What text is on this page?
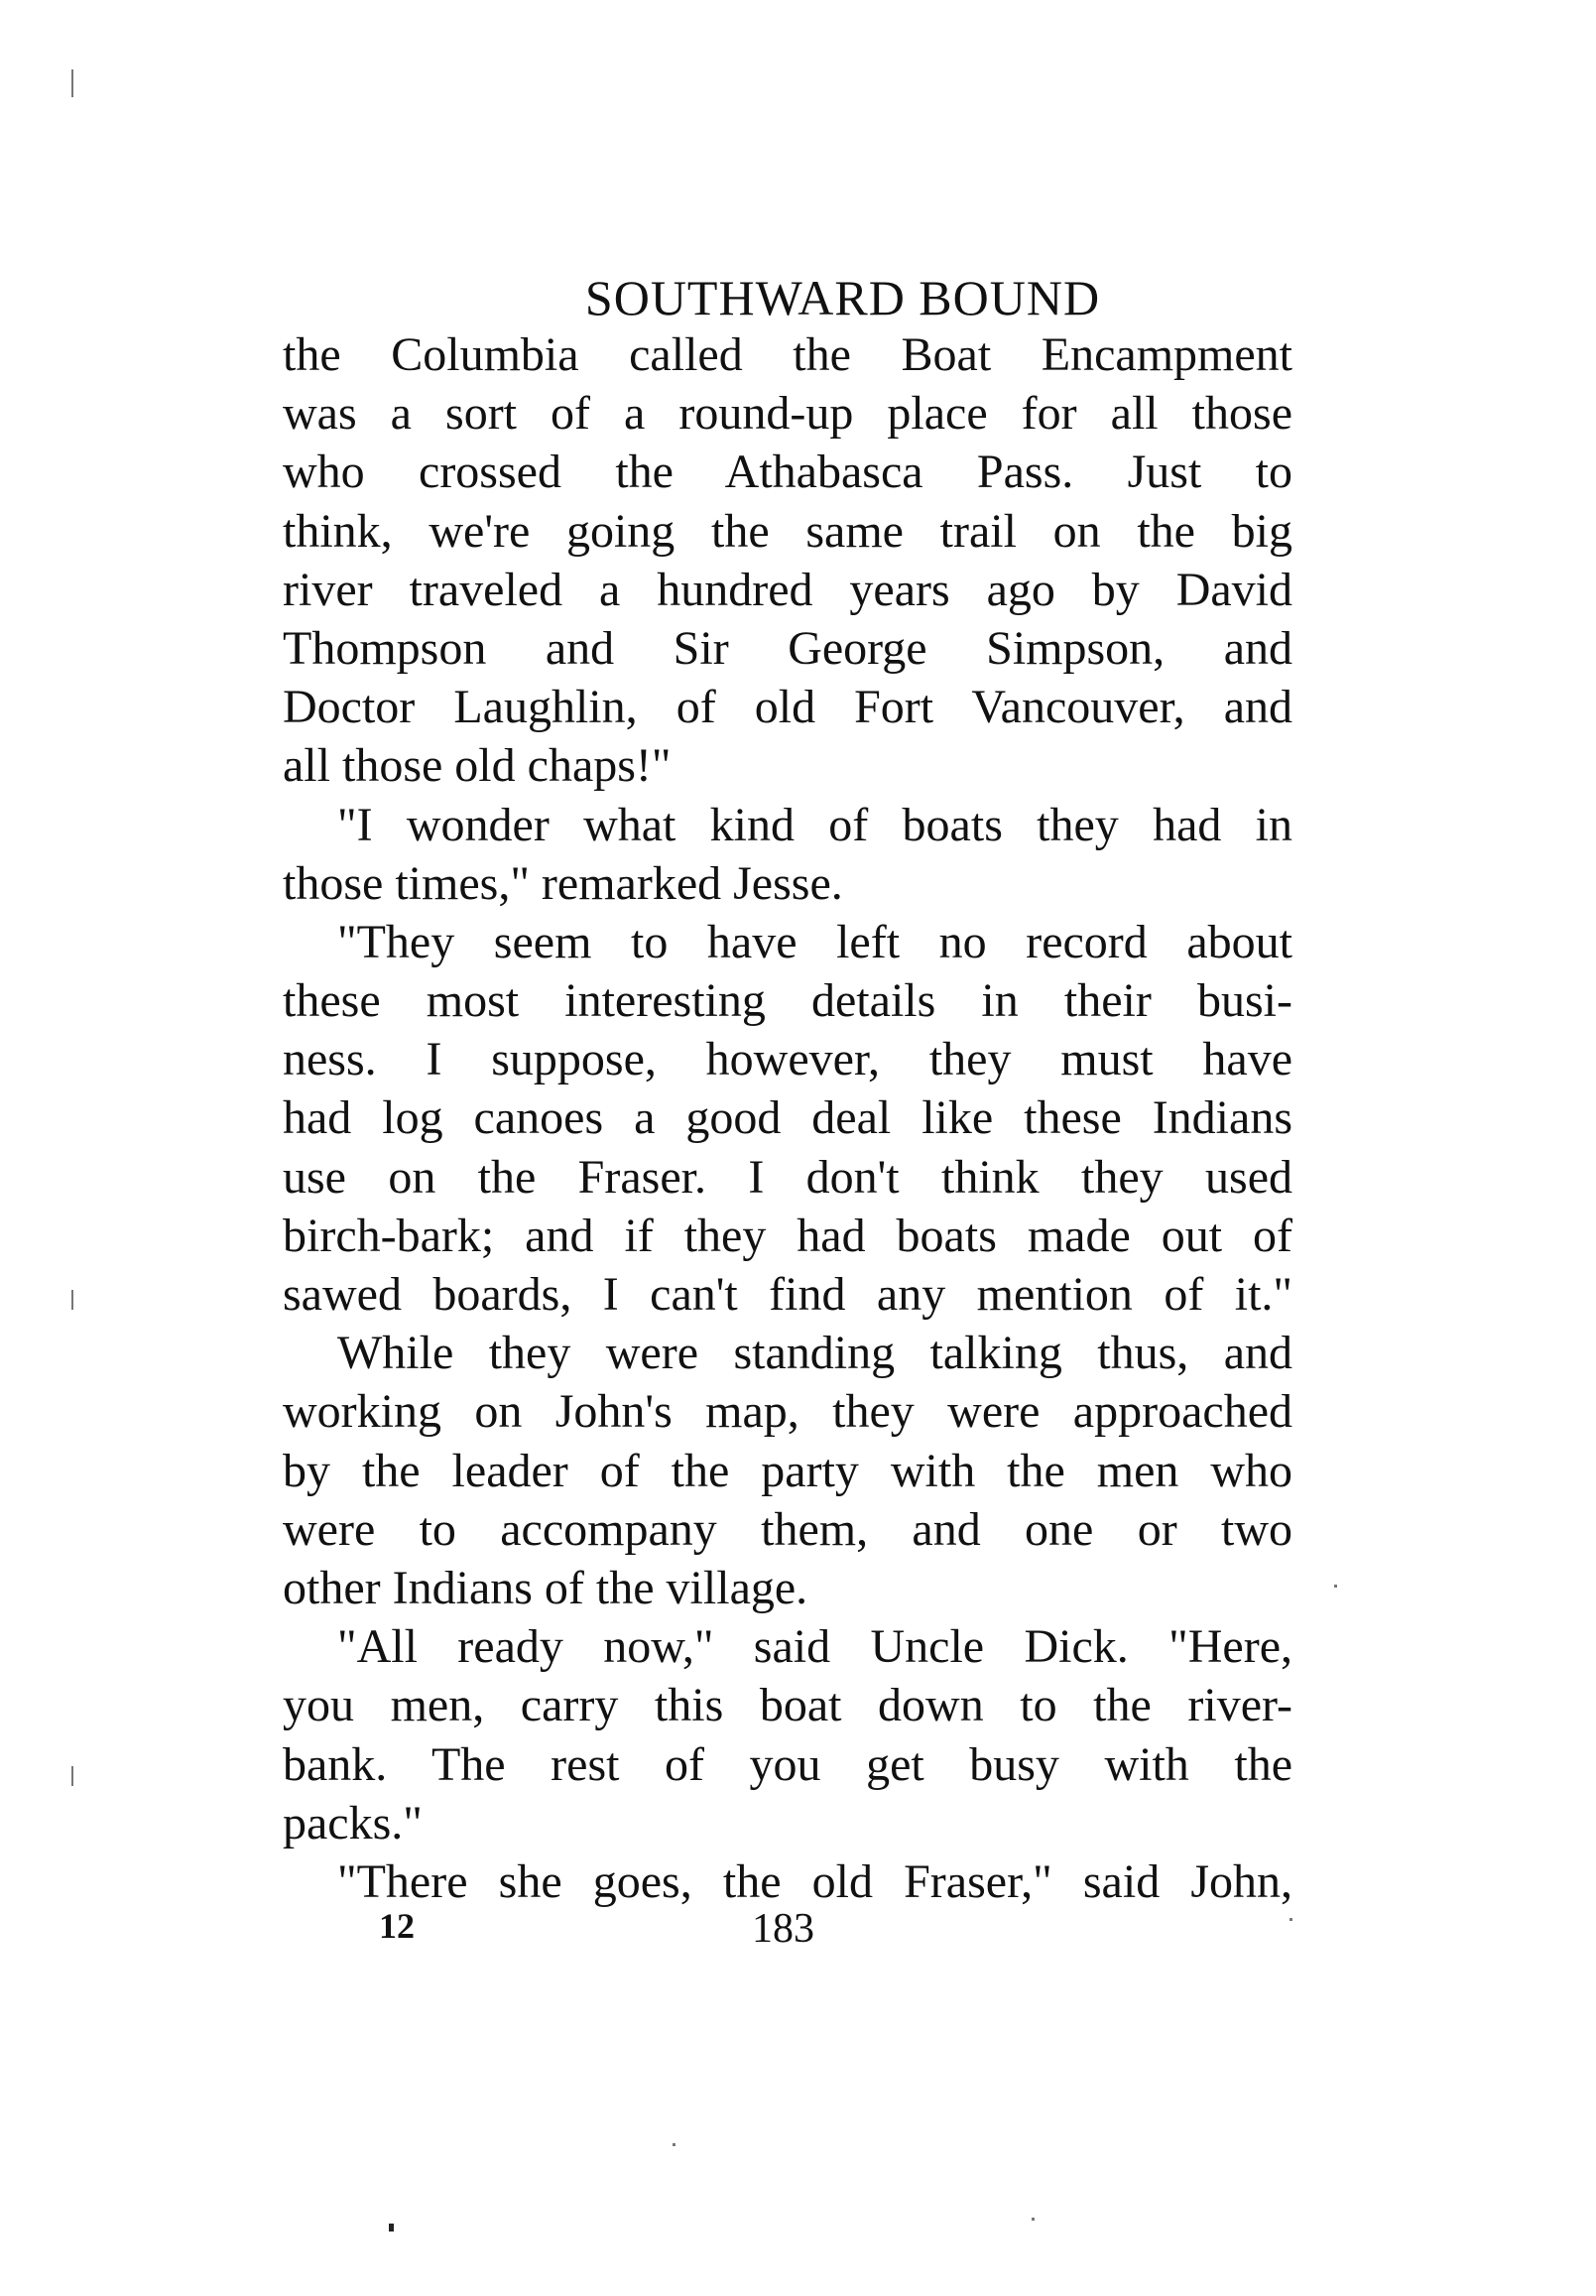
SOUTHWARD BOUND
the Columbia called the Boat Encampment
was a sort of a round-up place for all those
who crossed the Athabasca Pass. Just to
think, we're going the same trail on the big
river traveled a hundred years ago by David
Thompson and Sir George Simpson, and
Doctor Laughlin, of old Fort Vancouver, and
all those old chaps!"
"I wonder what kind of boats they had in
those times," remarked Jesse.
"They seem to have left no record about
these most interesting details in their busi-
ness. I suppose, however, they must have
had log canoes a good deal like these Indians
use on the Fraser. I don't think they used
birch-bark; and if they had boats made out of
sawed boards, I can't find any mention of it."
While they were standing talking thus, and
working on John's map, they were approached
by the leader of the party with the men who
were to accompany them, and one or two
other Indians of the village.
"All ready now," said Uncle Dick. "Here,
you men, carry this boat down to the river-
bank. The rest of you get busy with the
packs."
"There she goes, the old Fraser," said John,
12	183
